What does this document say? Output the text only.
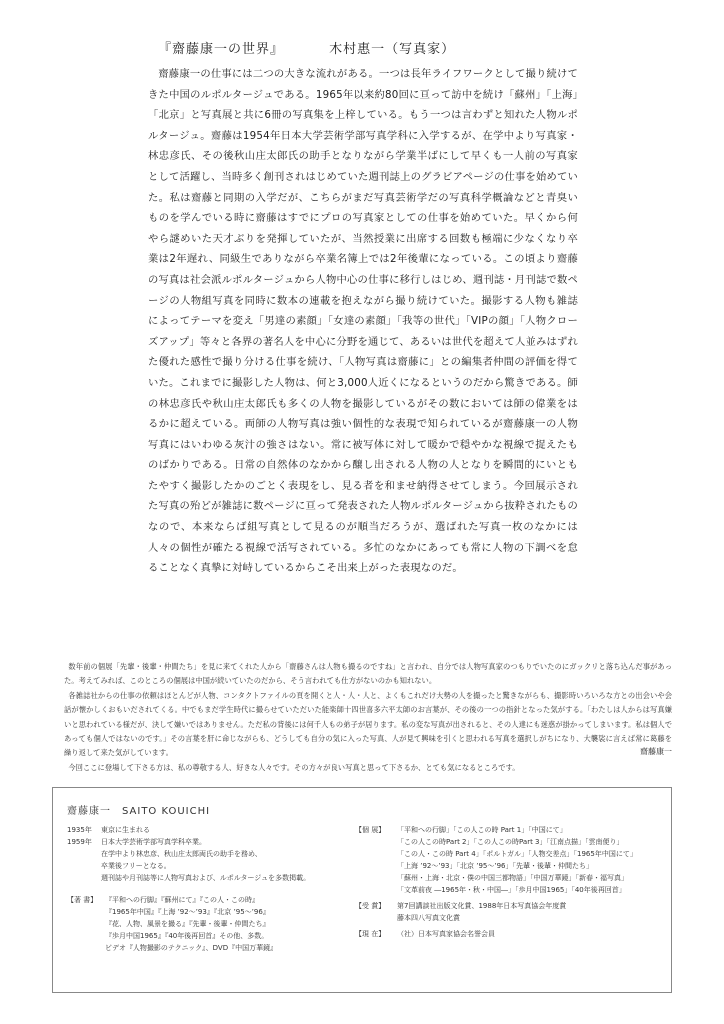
『齋藤康一の世界』	木村惠一（写真家）

齋藤康一の仕事には二つの大きな流れがある。一つは長年ライフワークとして撮り続けてきた中国のルポルタージュである。1965年以来約80回に亘って訪中を続け「蘇州」「上海」「北京」と写真展と共に6冊の写真集を上梓している。もう一つは言わずと知れた人物ルポルタージュ。齋藤は1954年日本大学芸術学部写真学科に入学するが、在学中より写真家・林忠彦氏、その後秋山庄太郎氏の助手となりながら学業半ばにして早くも一人前の写真家として活躍し、当時多く創刊されはじめていた週刊誌上のグラビアページの仕事を始めていた。私は齋藤と同期の入学だが、こちらがまだ写真芸術学だの写真科学概論などと青臭いものを学んでいる時に齋藤はすでにプロの写真家としての仕事を始めていた。早くから何やら謎めいた天才ぶりを発揮していたが、当然授業に出席する回数も極端に少なくなり卒業は2年遅れ、同級生でありながら卒業名簿上では2年後輩になっている。この頃より齋藤の写真は社会派ルポルタージュから人物中心の仕事に移行しはじめ、週刊誌・月刊誌で数ページの人物組写真を同時に数本の連載を抱えながら撮り続けていた。撮影する人物も雑誌によってテーマを変え「男達の素顔」「女達の素顔」「我等の世代」「VIPの顔」「人物クローズアップ」等々と各界の著名人を中心に分野を通じて、あるいは世代を超えて人並みはずれた優れた感性で撮り分ける仕事を続け、「人物写真は齋藤に」との編集者仲間の評価を得ていた。これまでに撮影した人物は、何と3,000人近くになるというのだから驚きである。師の林忠彦氏や秋山庄太郎氏も多くの人物を撮影しているがその数においては師の偉業をはるかに超えている。両師の人物写真は強い個性的な表現で知られているが齋藤康一の人物写真にはいわゆる灰汁の強さはない。常に被写体に対して暖かで穏やかな視線で捉えたものばかりである。日常の自然体のなかから醸し出される人物の人となりを瞬間的にいともたやすく撮影したかのごとく表現をし、見る者を和ませ納得させてしまう。今回展示された写真の殆どが雑誌に数ページに亘って発表された人物ルポルタージュから抜粋されたものなので、本来ならば組写真として見るのが順当だろうが、選ばれた写真一枚のなかには人々の個性が確たる視線で活写されている。多忙のなかにあっても常に人物の下調べを怠ることなく真摯に対峙しているからこそ出来上がった表現なのだ。

数年前の個展「先輩・後輩・仲間たち」を見に来てくれた人から「齋藤さんは人物も撮るのですね」と言われ、自分では人物写真家のつもりでいたのにガックリと落ち込んだ事があった。考えてみれば、このところの個展は中国が続いていたのだから、そう言われても仕方がないのかも知れない。

各雑誌社からの仕事の依頼はほとんどが人物、コンタクトファイルの頁を開くと人・人・人と、よくもこれだけ大勢の人を撮ったと驚きながらも、撮影時いろいろな方との出会いや会話が懐かしくおもいだされてくる。中でもまだ学生時代に撮らせていただいた能楽師十四世喜多六平太師のお言葉が、その後の一つの指針となった気がする。「わたしは人からは写真嫌いと思われている様だが、決して嫌いではありません。ただ私の背後には何千人もの弟子が居ります。私の変な写真が出されると、その人達にも迷惑が掛かってしまいます。私は個人であっても個人ではないのです。」その言葉を肝に命じながらも、どうしても自分の気に入った写真、人が見て興味を引くと思われる写真を選択しがちになり、大襲裟に言えば常に葛藤を繰り返して来た気がしています。

今回ここに登場して下さる方は、私の尊敬する人、好きな人々です。その方々が良い写真と思って下さるか、とても気になるところです。

齋藤康一
齋藤康一　SAITO KOUICHI
1935年	東京に生まれる
1959年	日本大学芸術学部写真学科卒業。
在学中より林忠彦、秋山庄太郎両氏の助手を務め、
卒業後フリーとなる。
週刊誌や月刊誌等に人物写真および、ルポルタージュを多数掲載。
【著 書】	『平和への行脚』『蘇州にて』『この人・この時』
『1965年中国』『上海 ’92〜’93』『北京 ’95〜’96』
『花、人物、風景を撮る』『先輩・後輩・仲間たち』
『歩月中国1965』『40年後再回首』その他、多数。
ビデオ『人物撮影のテクニック』、DVD『中国万華鏡』
【個 展】	「平和への行脚」「この人この時 Part 1」「中国にて」
「この人この時Part 2」「この人この時Part 3」「江南点描」「雲南便り」
「この人・この時 Part 4」「ポルトガル」「人物交差点」「1965年中国にて」
「上海 ’92〜’93」「北京 ’95〜’96」「先輩・後輩・仲間たち」
「蘇州・上海・北京・僕の中国三都物語」「中国万華鏡」「新春・福写真」
「文革前夜 ―1965年・秋・中国―」「歩月中国1965」「40年後再回首」
【受 賞】	第7回講談社出版文化賞、1988年日本写真協会年度賞
藤本四八写真文化賞
【現 在】	（社）日本写真家協会名誉会員
